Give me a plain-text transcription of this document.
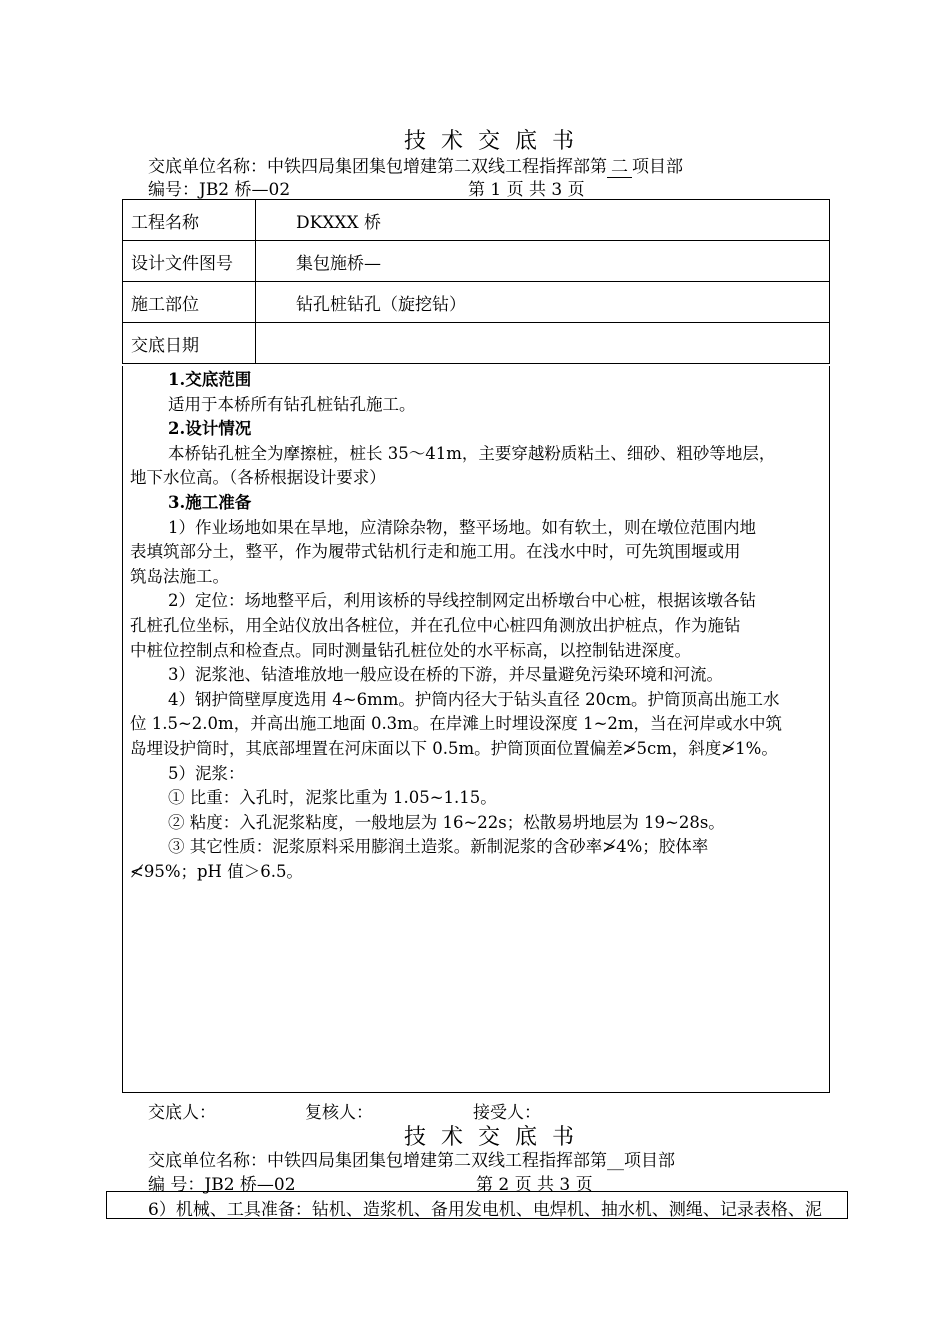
技 术 交 底 书
交底单位名称：中铁四局集团集包增建第二双线工程指挥部第 二 项目部
编号：JB2 桥—02	第 1 页 共 3 页
工程名称	DKXXX 桥
设计文件图号	集包施桥—
施工部位	钻孔桩钻孔（旋挖钻）
交底日期	

1.交底范围

适用于本桥所有钻孔桩钻孔施工。

2.设计情况

本桥钻孔桩全为摩擦桩，桩长 35～41m，主要穿越粉质粘土、细砂、粗砂等地层，

地下水位高。（各桥根据设计要求）

3.施工准备

1）作业场地如果在旱地，应清除杂物，整平场地。如有软土，则在墩位范围内地

表填筑部分土，整平，作为履带式钻机行走和施工用。在浅水中时，可先筑围堰或用

筑岛法施工。

2）定位：场地整平后，利用该桥的导线控制网定出桥墩台中心桩，根据该墩各钻

孔桩孔位坐标，用全站仪放出各桩位，并在孔位中心桩四角测放出护桩点，作为施钻

中桩位控制点和检查点。同时测量钻孔桩位处的水平标高，以控制钻进深度。

3）泥浆池、钻渣堆放地一般应设在桥的下游，并尽量避免污染环境和河流。

4）钢护筒壁厚度选用 4~6mm。护筒内径大于钻头直径 20cm。护筒顶高出施工水

位 1.5~2.0m，并高出施工地面 0.3m。在岸滩上时埋设深度 1~2m，当在河岸或水中筑

岛埋设护筒时，其底部埋置在河床面以下 0.5m。护筒顶面位置偏差≯5cm，斜度≯1%。

5）泥浆：

① 比重：入孔时，泥浆比重为 1.05~1.15。

② 粘度：入孔泥浆粘度，一般地层为 16~22s；松散易坍地层为 19~28s。

③ 其它性质：泥浆原料采用膨润土造浆。新制泥浆的含砂率≯4%；胶体率

≮95%；pH 值＞6.5。

交底人：	复核人：	接受人：
技 术 交 底 书
交底单位名称：中铁四局集团集包增建第二双线工程指挥部第__项目部
编 号：JB2 桥—02	第 2 页 共 3 页
6）机械、工具准备：钻机、造浆机、备用发电机、电焊机、抽水机、测绳、记录表格、泥
